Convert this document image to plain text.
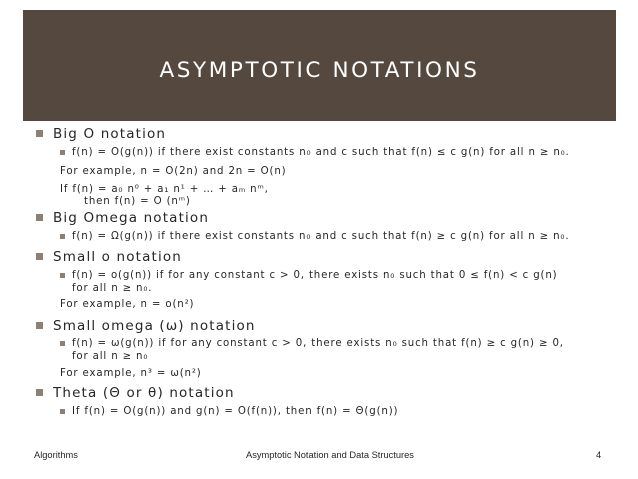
ASYMPTOTIC NOTATIONS
Big O notation
f(n) = O(g(n)) if there exist constants n₀ and c such that f(n) ≤ c g(n) for all n ≥ n₀.
For example, n = O(2n) and 2n = O(n)
If f(n) = a₀ n⁰ + a₁ n¹ + … + aₘ nᵐ,
then f(n) = O (nᵐ)
Big Omega notation
f(n) = Ω(g(n)) if there exist constants n₀ and c such that f(n) ≥ c g(n) for all n ≥ n₀.
Small o notation
f(n) = o(g(n)) if for any constant c > 0, there exists n₀ such that 0 ≤ f(n) < c g(n)
for all n ≥ n₀.
For example, n = o(n²)
Small omega (ω) notation
f(n) = ω(g(n)) if for any constant c > 0, there exists n₀ such that f(n) ≥ c g(n) ≥ 0,
for all n ≥ n₀
For example, n³ = ω(n²)
Theta (Θ or θ) notation
If f(n) = O(g(n)) and g(n) = O(f(n)), then f(n) = Θ(g(n))
Algorithms	Asymptotic Notation and Data Structures	4
